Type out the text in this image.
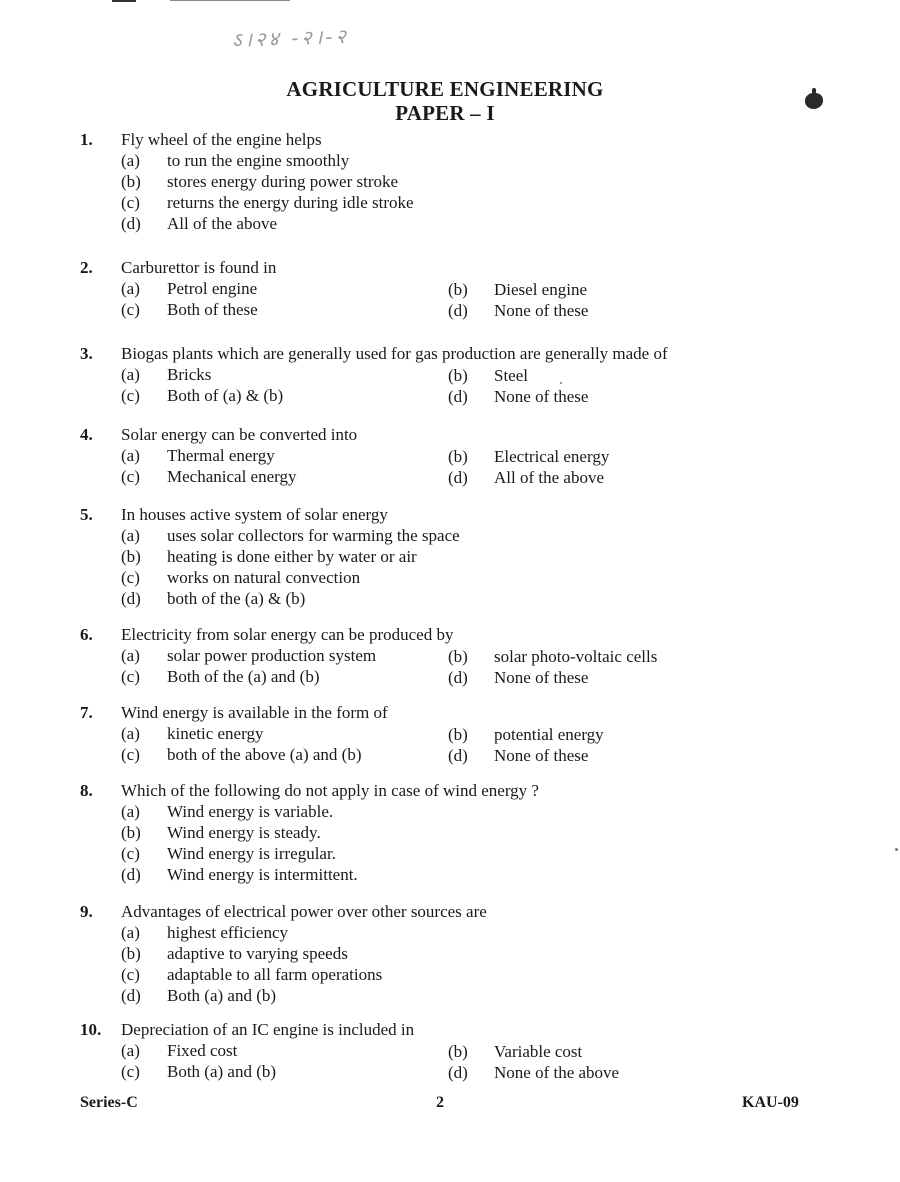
ऽ।२४ -२।-२
AGRICULTURE ENGINEERING
PAPER – I
1. Fly wheel of the engine helps
(a) to run the engine smoothly
(b) stores energy during power stroke
(c) returns the energy during idle stroke
(d) All of the above
2. Carburettor is found in
(a) Petrol engine	(b) Diesel engine
(c) Both of these	(d) None of these
3. Biogas plants which are generally used for gas production are generally made of
(a) Bricks	(b) Steel
(c) Both of (a) & (b)	(d) None of these
4. Solar energy can be converted into
(a) Thermal energy	(b) Electrical energy
(c) Mechanical energy	(d) All of the above
5. In houses active system of solar energy
(a) uses solar collectors for warming the space
(b) heating is done either by water or air
(c) works on natural convection
(d) both of the (a) & (b)
6. Electricity from solar energy can be produced by
(a) solar power production system	(b) solar photo-voltaic cells
(c) Both of the (a) and (b)	(d) None of these
7. Wind energy is available in the form of
(a) kinetic energy	(b) potential energy
(c) both of the above (a) and (b)	(d) None of these
8. Which of the following do not apply in case of wind energy ?
(a) Wind energy is variable.
(b) Wind energy is steady.
(c) Wind energy is irregular.
(d) Wind energy is intermittent.
9. Advantages of electrical power over other sources are
(a) highest efficiency
(b) adaptive to varying speeds
(c) adaptable to all farm operations
(d) Both (a) and (b)
10. Depreciation of an IC engine is included in
(a) Fixed cost	(b) Variable cost
(c) Both (a) and (b)	(d) None of the above
Series-C	2	KAU-09
